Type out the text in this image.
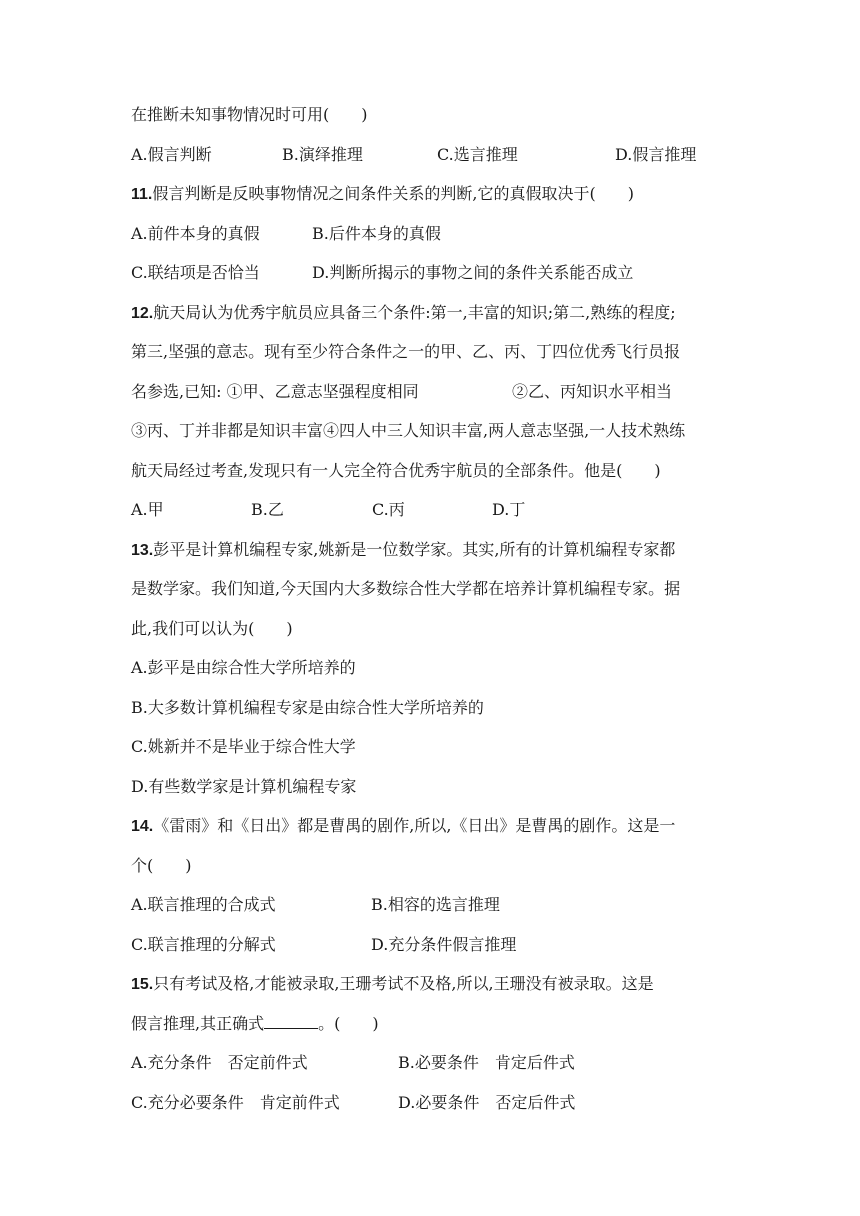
在推断未知事物情况时可用(　　)
A.假言判断	B.演绎推理	C.选言推理	D.假言推理
11.假言判断是反映事物情况之间条件关系的判断,它的真假取决于(　　)
A.前件本身的真假	B.后件本身的真假
C.联结项是否恰当	D.判断所揭示的事物之间的条件关系能否成立
12.航天局认为优秀宇航员应具备三个条件:第一,丰富的知识;第二,熟练的程度;
第三,坚强的意志。现有至少符合条件之一的甲、乙、丙、丁四位优秀飞行员报
名参选,已知: ①甲、乙意志坚强程度相同	②乙、丙知识水平相当
③丙、丁并非都是知识丰富④四人中三人知识丰富,两人意志坚强,一人技术熟练
航天局经过考查,发现只有一人完全符合优秀宇航员的全部条件。他是(　　)
A.甲	B.乙	C.丙	D.丁
13.彭平是计算机编程专家,姚新是一位数学家。其实,所有的计算机编程专家都
是数学家。我们知道,今天国内大多数综合性大学都在培养计算机编程专家。据
此,我们可以认为(　　)
A.彭平是由综合性大学所培养的
B.大多数计算机编程专家是由综合性大学所培养的
C.姚新并不是毕业于综合性大学
D.有些数学家是计算机编程专家
14.《雷雨》和《日出》都是曹禺的剧作,所以,《日出》是曹禺的剧作。这是一
个(　　)
A.联言推理的合成式	B.相容的选言推理
C.联言推理的分解式	D.充分条件假言推理
15.只有考试及格,才能被录取,王珊考试不及格,所以,王珊没有被录取。这是
假言推理,其正确式	。(　　)
A.充分条件　否定前件式	B.必要条件　肯定后件式
C.充分必要条件　肯定前件式	D.必要条件　否定后件式
